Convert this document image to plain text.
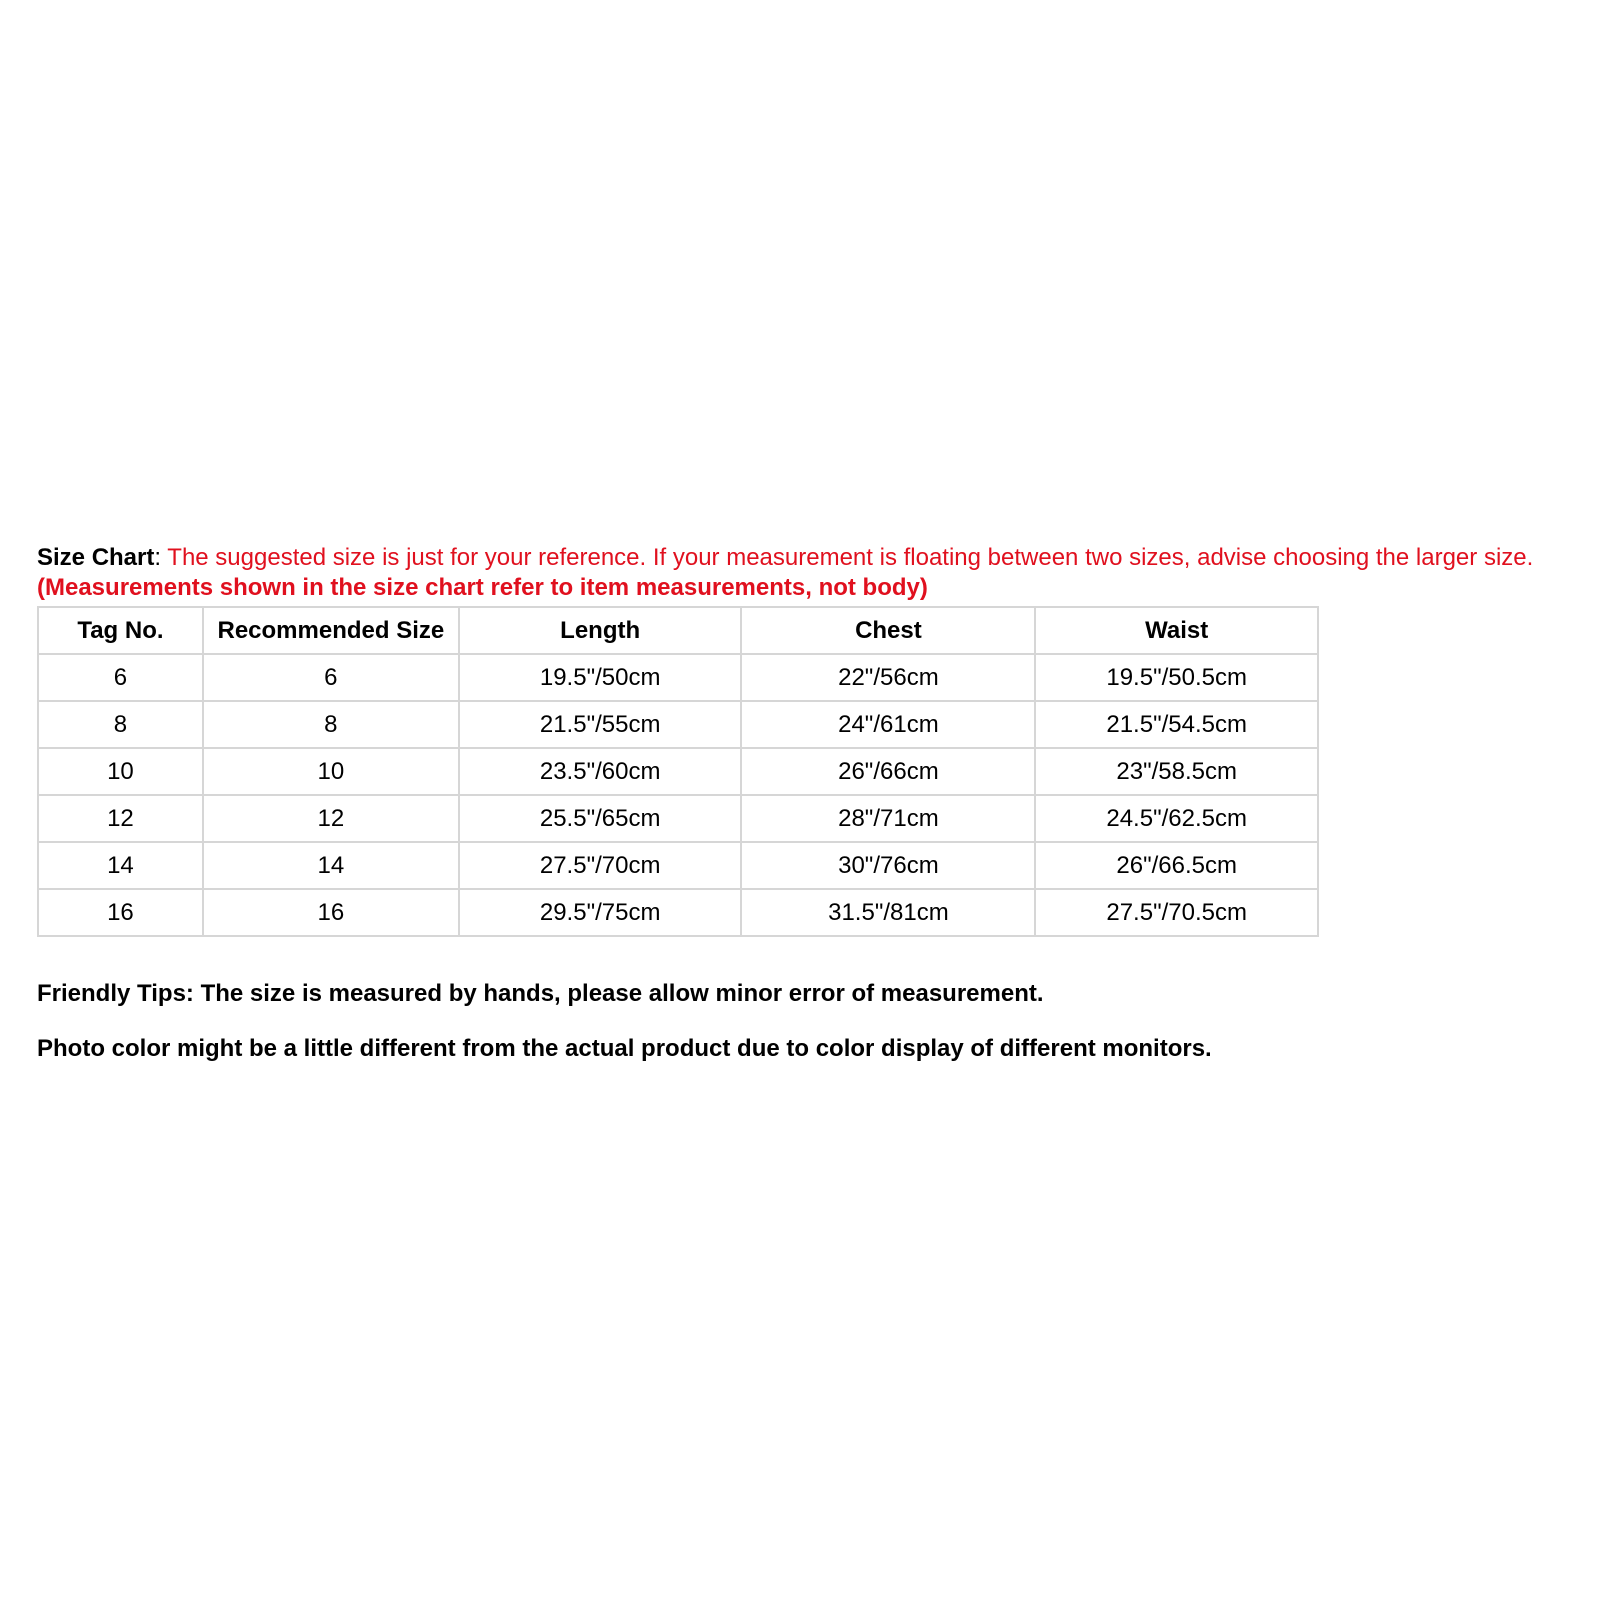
Size Chart: The suggested size is just for your reference. If your measurement is floating between two sizes, advise choosing the larger size. (Measurements shown in the size chart refer to item measurements, not body)

Tag No.	Recommended Size	Length	Chest	Waist
6	6	19.5"/50cm	22"/56cm	19.5"/50.5cm
8	8	21.5"/55cm	24"/61cm	21.5"/54.5cm
10	10	23.5"/60cm	26"/66cm	23"/58.5cm
12	12	25.5"/65cm	28"/71cm	24.5"/62.5cm
14	14	27.5"/70cm	30"/76cm	26"/66.5cm
16	16	29.5"/75cm	31.5"/81cm	27.5"/70.5cm

Friendly Tips: The size is measured by hands, please allow minor error of measurement.

Photo color might be a little different from the actual product due to color display of different monitors.
